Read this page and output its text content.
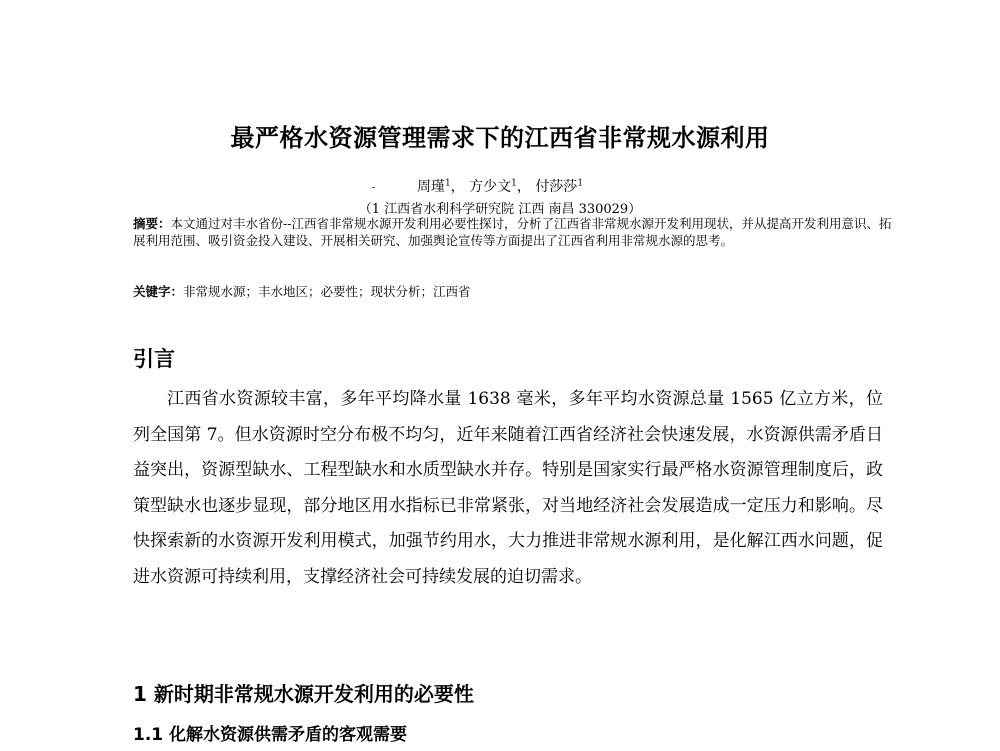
最严格水资源管理需求下的江西省非常规水源利用
周瑾$^1$， 方少文$^1$， 付莎莎$^1$
（1 江西省水利科学研究院 江西 南昌 330029）
摘要：本文通过对丰水省份--江西省非常规水源开发利用必要性探讨，分析了江西省非常规水源开发利用现状，并从提高开发利用意识、拓展利用范围、吸引资金投入建设、开展相关研究、加强舆论宣传等方面提出了江西省利用非常规水源的思考。
关键字：非常规水源；丰水地区；必要性；现状分析；江西省
引言
江西省水资源较丰富，多年平均降水量 1638 毫米，多年平均水资源总量 1565 亿立方米，位列全国第 7。但水资源时空分布极不均匀，近年来随着江西省经济社会快速发展，水资源供需矛盾日益突出，资源型缺水、工程型缺水和水质型缺水并存。特别是国家实行最严格水资源管理制度后，政策型缺水也逐步显现，部分地区用水指标已非常紧张，对当地经济社会发展造成一定压力和影响。尽快探索新的水资源开发利用模式，加强节约用水，大力推进非常规水源利用，是化解江西水问题，促进水资源可持续利用，支撑经济社会可持续发展的迫切需求。
1 新时期非常规水源开发利用的必要性
1.1 化解水资源供需矛盾的客观需要
